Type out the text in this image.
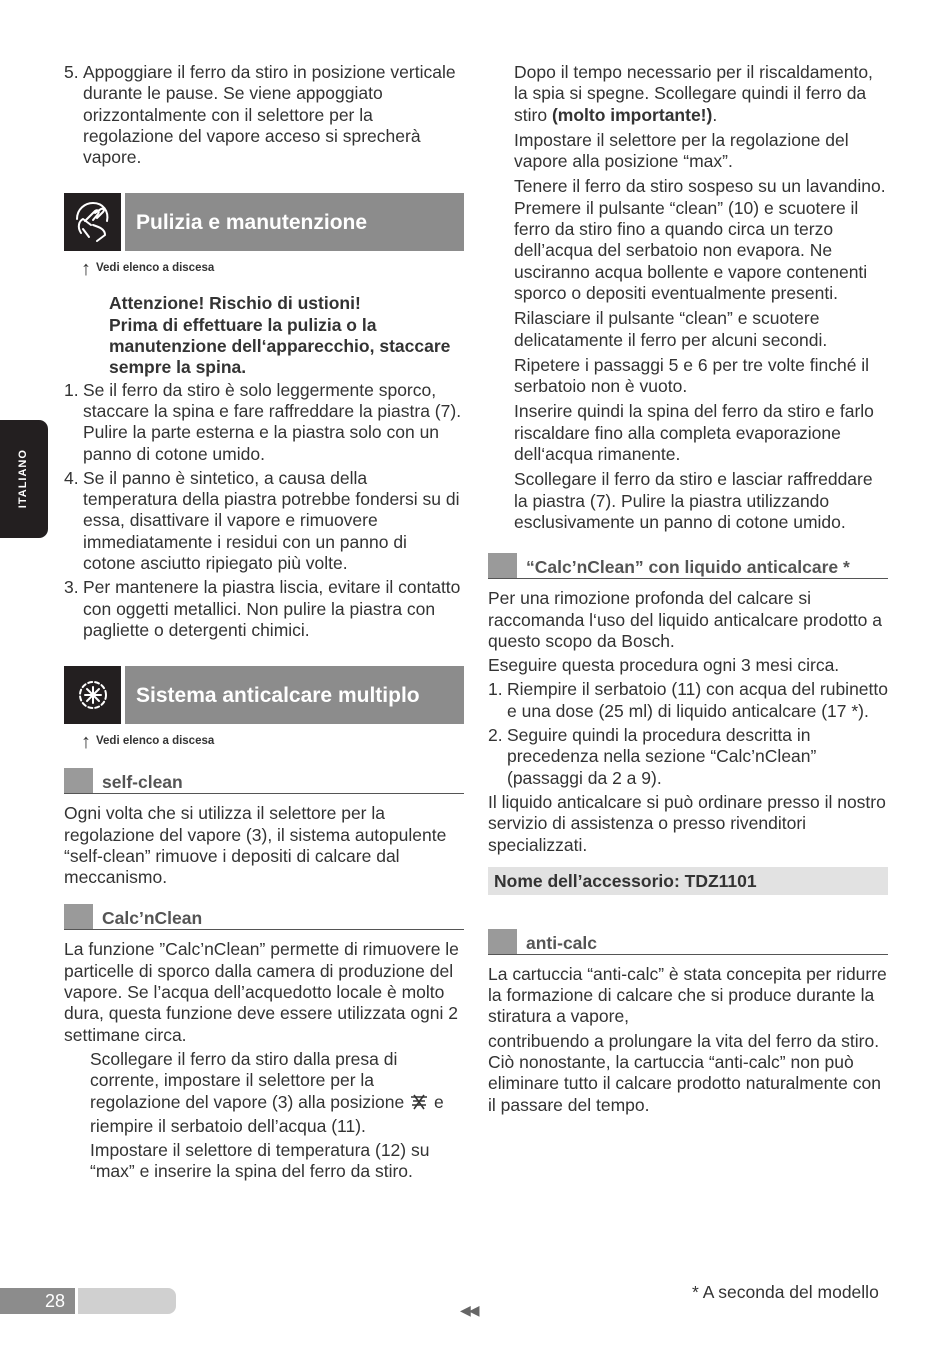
ITALIANO
5. Appoggiare il ferro da stiro in posizione verticale durante le pause. Se viene appoggiato orizzontalmente con il selettore per la regolazione del vapore acceso si sprecherà vapore.
Pulizia e manutenzione
↑ Vedi elenco a discesa
Attenzione! Rischio di ustioni!
Prima di effettuare la pulizia o la manutenzione dell‘apparecchio, staccare sempre la spina.
1. Se il ferro da stiro è solo leggermente sporco, staccare la spina e fare raffreddare la piastra (7). Pulire la parte esterna e la piastra solo con un panno di cotone umido.
4. Se il panno è sintetico, a causa della temperatura della piastra potrebbe fondersi su di essa, disattivare il vapore e rimuovere immediatamente i residui con un panno di cotone asciutto ripiegato più volte.
3. Per mantenere la piastra liscia, evitare il contatto con oggetti metallici. Non pulire la piastra con pagliette o detergenti chimici.
Sistema anticalcare multiplo
↑ Vedi elenco a discesa
self-clean

Ogni volta che si utilizza il selettore per la regolazione del vapore (3), il sistema autopulente “self-clean” rimuove i depositi di calcare dal meccanismo.

Calc’nClean

La funzione ”Calc’nClean” permette di rimuovere le particelle di sporco dalla camera di produzione del vapore. Se l’acqua dell’acquedotto locale è molto dura, questa funzione deve essere utilizzata ogni 2 settimane circa.

Scollegare il ferro da stiro dalla presa di corrente, impostare il selettore per la regolazione del vapore (3) alla posizione e riempire il serbatoio dell’acqua (11).
Impostare il selettore di temperatura (12) su “max” e inserire la spina del ferro da stiro.
Dopo il tempo necessario per il riscaldamento, la spia si spegne. Scollegare quindi il ferro da stiro (molto importante!).
Impostare il selettore per la regolazione del vapore alla posizione “max”.
Tenere il ferro da stiro sospeso su un lavandino. Premere il pulsante “clean” (10) e scuotere il ferro da stiro fino a quando circa un terzo dell’acqua del serbatoio non evapora. Ne usciranno acqua bollente e vapore contenenti sporco o depositi eventualmente presenti.
Rilasciare il pulsante “clean” e scuotere delicatamente il ferro per alcuni secondi.
Ripetere i passaggi 5 e 6 per tre volte finché il serbatoio non è vuoto.
Inserire quindi la spina del ferro da stiro e farlo riscaldare fino alla completa evaporazione dell‘acqua rimanente.
Scollegare il ferro da stiro e lasciar raffreddare la piastra (7). Pulire la piastra utilizzando esclusivamente un panno di cotone umido.
“Calc’nClean” con liquido anticalcare *

Per una rimozione profonda del calcare si raccomanda l‘uso del liquido anticalcare prodotto a questo scopo da Bosch.

Eseguire questa procedura ogni 3 mesi circa.

1. Riempire il serbatoio (11) con acqua del rubinetto e una dose (25 ml) di liquido anticalcare (17 *).
2. Seguire quindi la procedura descritta in precedenza nella sezione “Calc’nClean” (passaggi da 2 a 9).

Il liquido anticalcare si può ordinare presso il nostro servizio di assistenza o presso rivenditori specializzati.

Nome dell’accessorio: TDZ1101
anti-calc

La cartuccia “anti-calc” è stata concepita per ridurre la formazione di calcare che si produce durante la stiratura a vapore,

contribuendo a prolungare la vita del ferro da stiro. Ciò nonostante, la cartuccia “anti-calc” non può eliminare tutto il calcare prodotto naturalmente con il passare del tempo.

28	◀◀
* A seconda del modello
